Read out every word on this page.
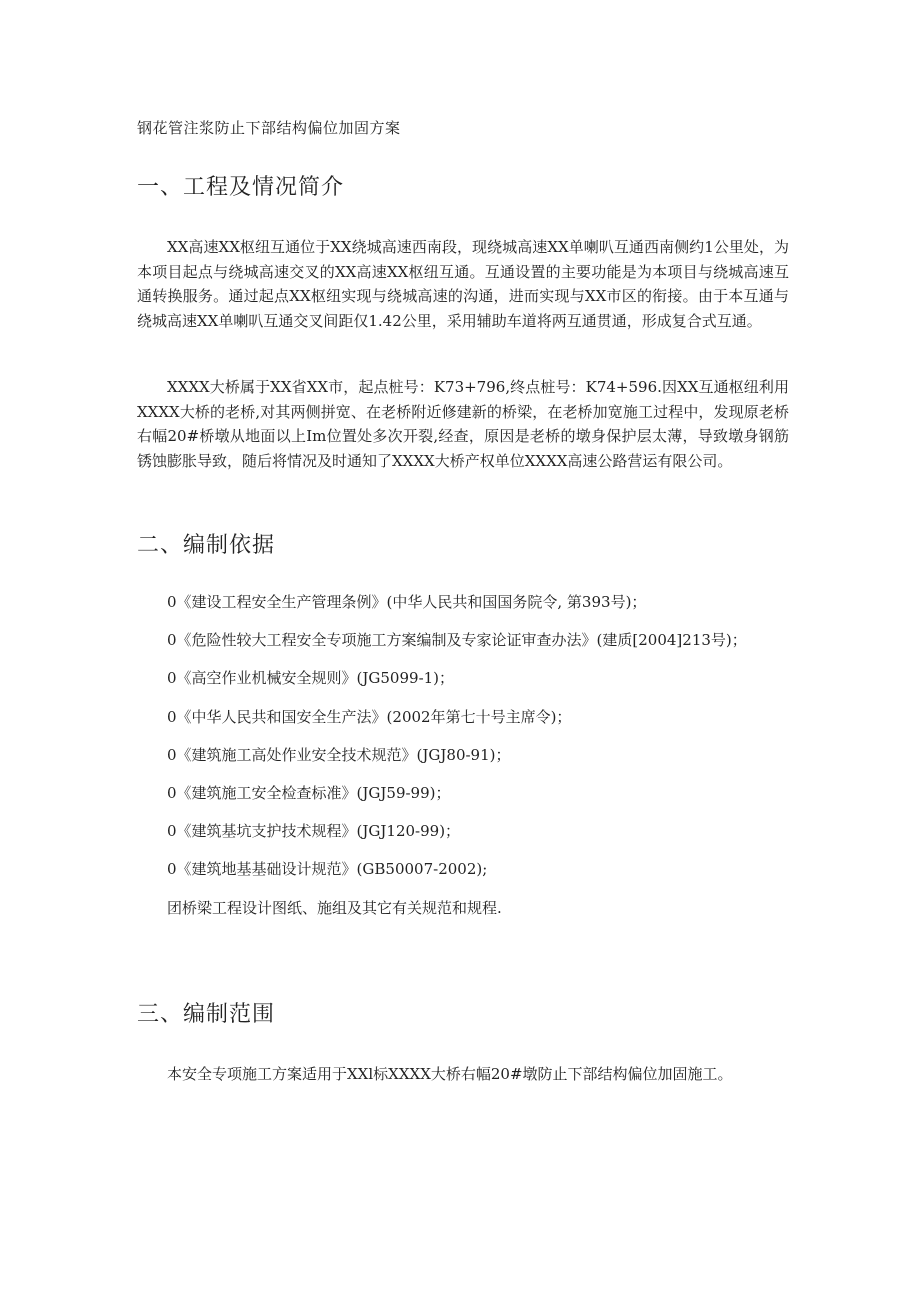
钢花管注浆防止下部结构偏位加固方案
一、工程及情况简介

XX高速XX枢纽互通位于XX绕城高速西南段，现绕城高速XX单喇叭互通西南侧约1公里处，为本项目起点与绕城高速交叉的XX高速XX枢纽互通。互通设置的主要功能是为本项目与绕城高速互通转换服务。通过起点XX枢纽实现与绕城高速的沟通，进而实现与XX市区的衔接。由于本互通与绕城高速XX单喇叭互通交叉间距仅1.42公里，采用辅助车道将两互通贯通，形成复合式互通。

XXXX大桥属于XX省XX市，起点桩号：K73+796,终点桩号：K74+596.因XX互通枢纽利用XXXX大桥的老桥,对其两侧拼宽、在老桥附近修建新的桥梁，在老桥加宽施工过程中，发现原老桥右幅20#桥墩从地面以上Im位置处多次开裂,经查，原因是老桥的墩身保护层太薄，导致墩身钢筋锈蚀膨胀导致，随后将情况及时通知了XXXX大桥产权单位XXXX高速公路营运有限公司。

二、编制依据
0《建设工程安全生产管理条例》(中华人民共和国国务院令, 第393号)；
0《危险性较大工程安全专项施工方案编制及专家论证审查办法》(建质[2004]213号)；
0《高空作业机械安全规则》(JG5099-1)；
0《中华人民共和国安全生产法》(2002年第七十号主席令)；
0《建筑施工高处作业安全技术规范》(JGJ80-91)；
0《建筑施工安全检查标准》(JGJ59-99)；
0《建筑基坑支护技术规程》(JGJ120-99)；
0《建筑地基基础设计规范》(GB50007-2002);
团桥梁工程设计图纸、施组及其它有关规范和规程.
三、编制范围
本安全专项施工方案适用于XXl标XXXX大桥右幅20#墩防止下部结构偏位加固施工。
